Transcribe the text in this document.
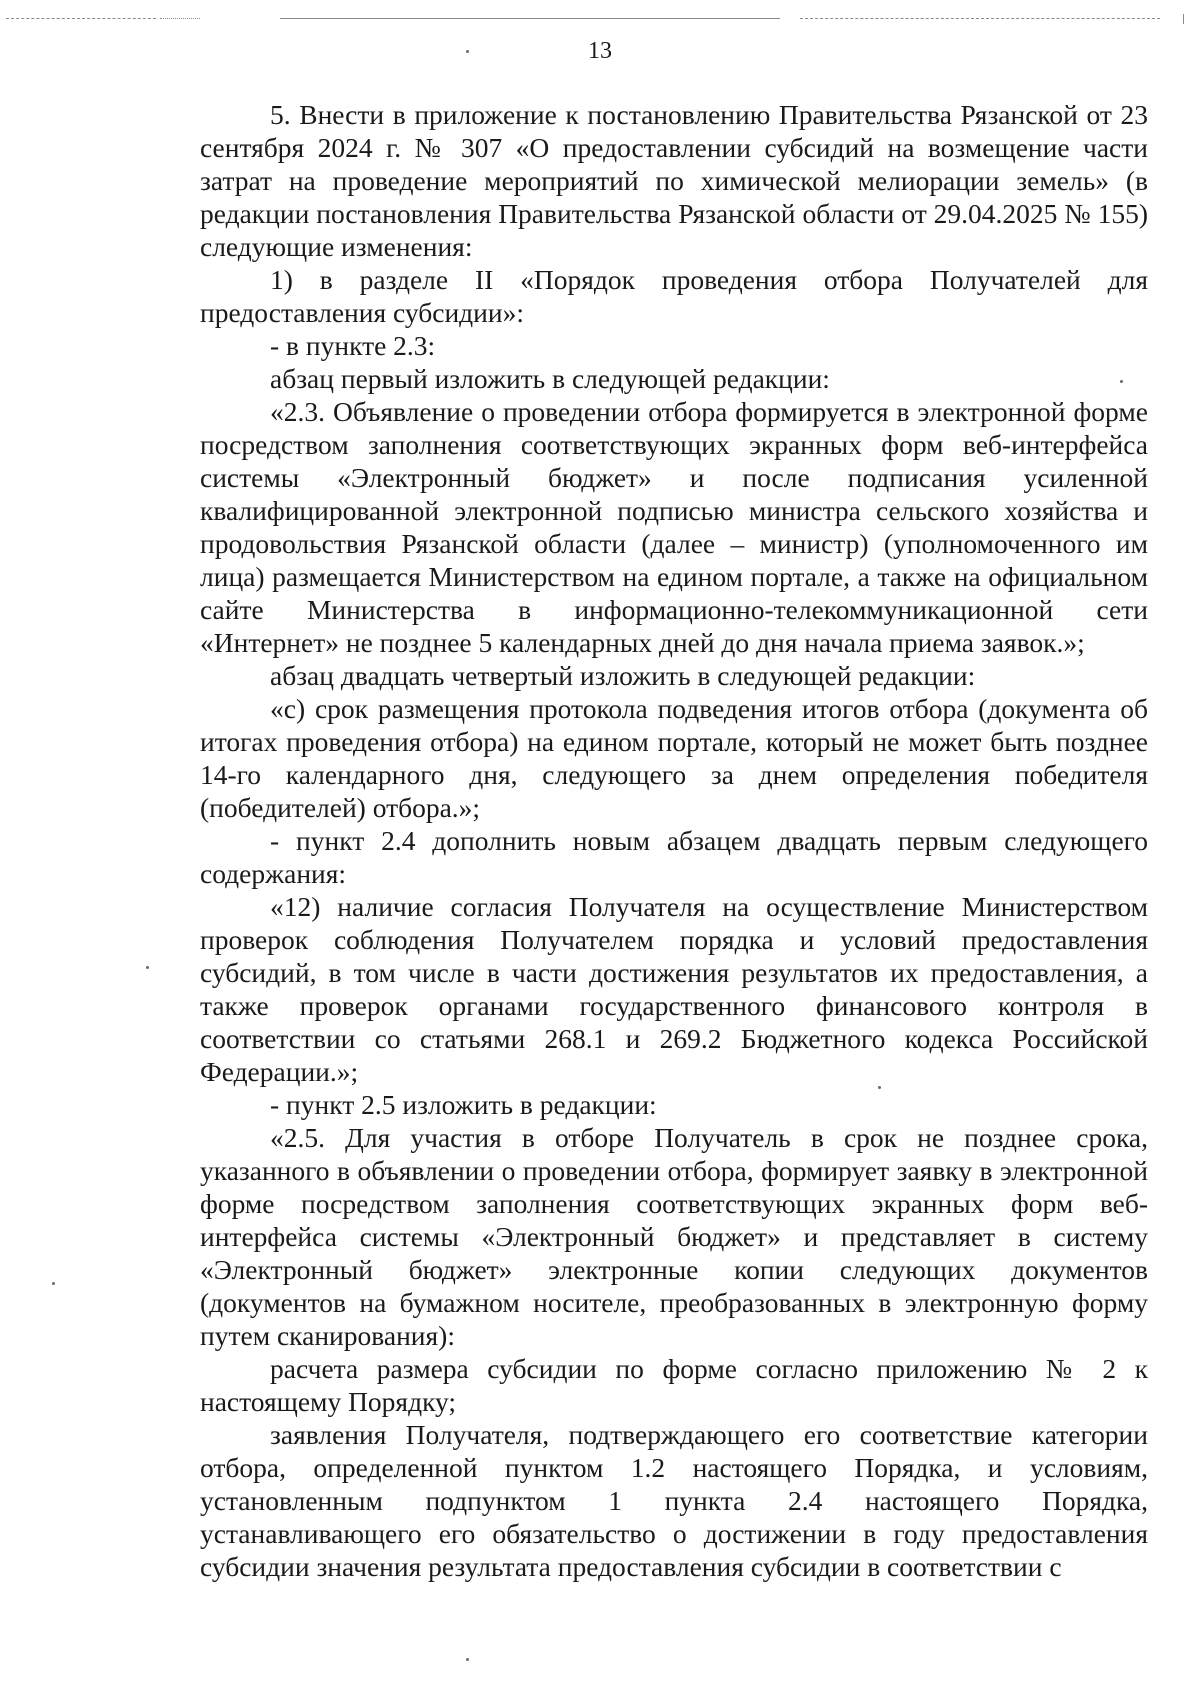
13

5. Внести в приложение к постановлению Правительства Рязанской от 23 сентября 2024 г. № 307 «О предоставлении субсидий на возмещение части затрат на проведение мероприятий по химической мелиорации земель» (в редакции постановления Правительства Рязанской области от 29.04.2025 № 155) следующие изменения:

1) в разделе II «Порядок проведения отбора Получателей для предоставления субсидии»:

- в пункте 2.3:

абзац первый изложить в следующей редакции:

«2.3. Объявление о проведении отбора формируется в электронной форме посредством заполнения соответствующих экранных форм веб-интерфейса системы «Электронный бюджет» и после подписания усиленной квалифицированной электронной подписью министра сельского хозяйства и продовольствия Рязанской области (далее – министр) (уполномоченного им лица) размещается Министерством на едином портале, а также на официальном сайте Министерства в информационно-телекоммуникационной сети «Интернет» не позднее 5 календарных дней до дня начала приема заявок.»;

абзац двадцать четвертый изложить в следующей редакции:

«с) срок размещения протокола подведения итогов отбора (документа об итогах проведения отбора) на едином портале, который не может быть позднее 14-го календарного дня, следующего за днем определения победителя (победителей) отбора.»;

- пункт 2.4 дополнить новым абзацем двадцать первым следующего содержания:

«12) наличие согласия Получателя на осуществление Министерством проверок соблюдения Получателем порядка и условий предоставления субсидий, в том числе в части достижения результатов их предоставления, а также проверок органами государственного финансового контроля в соответствии со статьями 268.1 и 269.2 Бюджетного кодекса Российской Федерации.»;

- пункт 2.5 изложить в редакции:

«2.5. Для участия в отборе Получатель в срок не позднее срока, указанного в объявлении о проведении отбора, формирует заявку в электронной форме посредством заполнения соответствующих экранных форм веб-интерфейса системы «Электронный бюджет» и представляет в систему «Электронный бюджет» электронные копии следующих документов (документов на бумажном носителе, преобразованных в электронную форму путем сканирования):

расчета размера субсидии по форме согласно приложению № 2 к настоящему Порядку;

заявления Получателя, подтверждающего его соответствие категории отбора, определенной пунктом 1.2 настоящего Порядка, и условиям, установленным подпунктом 1 пункта 2.4 настоящего Порядка, устанавливающего его обязательство о достижении в году предоставления субсидии значения результата предоставления субсидии в соответствии с
